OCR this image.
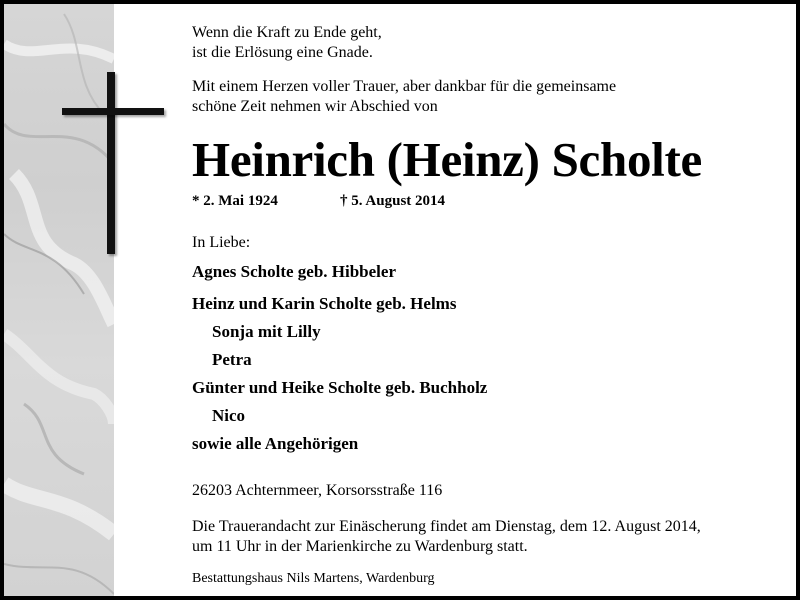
Wenn die Kraft zu Ende geht,
ist die Erlösung eine Gnade.
Mit einem Herzen voller Trauer, aber dankbar für die gemeinsame
schöne Zeit nehmen wir Abschied von
Heinrich (Heinz) Scholte
* 2. Mai 1924	† 5. August 2014
In Liebe:
Agnes Scholte geb. Hibbeler
Heinz und Karin Scholte geb. Helms
Sonja mit Lilly
Petra
Günter und Heike Scholte geb. Buchholz
Nico
sowie alle Angehörigen
26203 Achternmeer, Korsorsstraße 116
Die Trauerandacht zur Einäscherung findet am Dienstag, dem 12. August 2014,
um 11 Uhr in der Marienkirche zu Wardenburg statt.
Bestattungshaus Nils Martens, Wardenburg
